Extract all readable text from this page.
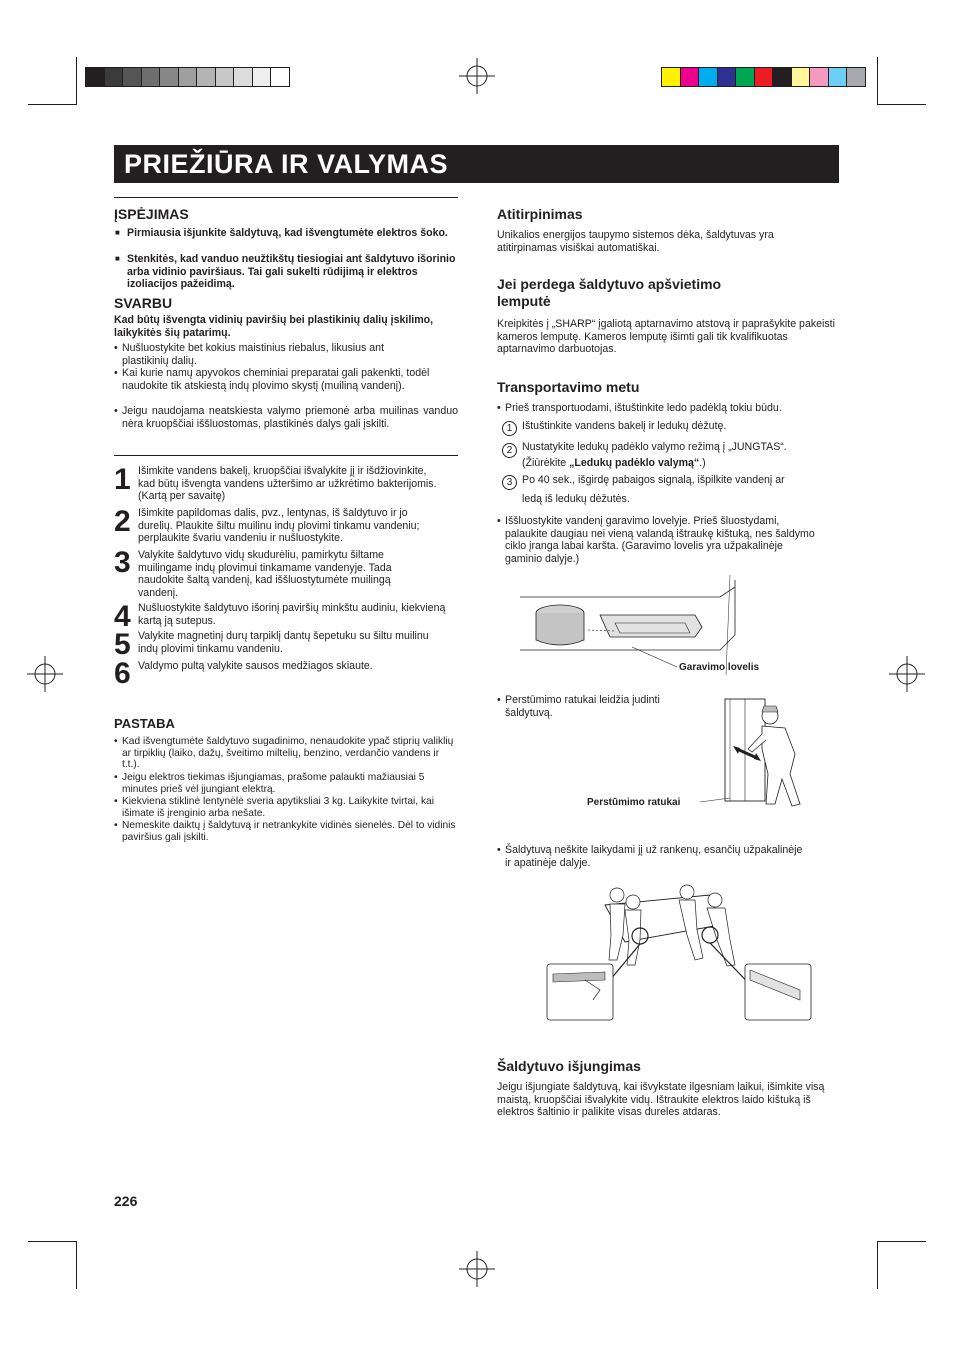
PRIEŽIŪRA IR VALYMAS
ĮSPĖJIMAS
■ Pirmiausia išjunkite šaldytuvą, kad išvengtumėte elektros šoko.
■ Stenkitės, kad vanduo neužtikštų tiesiogiai ant šaldytuvo išorinio arba vidinio paviršiaus. Tai gali sukelti rūdijimą ir elektros izoliacijos pažeidimą.
SVARBU
Kad būtų išvengta vidinių paviršių bei plastikinių dalių įskilimo, laikykitės šių patarimų.
• Nušluostykite bet kokius maistinius riebalus, likusius ant plastikinių dalių.
• Kai kurie namų apyvokos cheminiai preparatai gali pakenkti, todėl naudokite tik atskiestą indų plovimo skystį (muiliną vandenį).
• Jeigu naudojama neatskiesta valymo priemonė arba muilinas vanduo nėra kruopščiai iššluostomas, plastikinės dalys gali įskilti.
1 Išimkite vandens bakelį, kruopščiai išvalykite jį ir išdžiovinkite, kad būtų išvengta vandens užteršimo ar užkrėtimo bakterijomis. (Kartą per savaitę)
2 Išimkite papildomas dalis, pvz., lentynas, iš šaldytuvo ir jo durelių. Plaukite šiltu muilinu indų plovimi tinkamu vandeniu; perplaukite švariu vandeniu ir nušluostykite.
3 Valykite šaldytuvo vidų skudurėliu, pamirkytu šiltame muilingame indų plovimui tinkamame vandenyje. Tada naudokite šaltą vandenį, kad iššluostytumėte muilingą vandenį.
4 Nušluostykite šaldytuvo išorinį paviršių minkštu audiniu, kiekvieną kartą ją sutepus.
5 Valykite magnetinį durų tarpiklį dantų šepetuku su šiltu muilinu indų plovimi tinkamu vandeniu.
6 Valdymo pultą valykite sausos medžiagos skiaute.
PASTABA
• Kad išvengtumėte šaldytuvo sugadinimo, nenaudokite ypač stiprių valiklių ar tirpiklių (laiko, dažų, šveitimo miltelių, benzino, verdančio vandens ir t.t.).
• Jeigu elektros tiekimas išjungiamas, prašome palaukti mažiausiai 5 minutes prieš vėl įjungiant elektrą.
• Kiekviena stiklinė lentynėlė sveria apytiksliai 3 kg. Laikykite tvirtai, kai išimate iš įrenginio arba nešate.
• Nemeskite daiktų į šaldytuvą ir netrankykite vidinės sienelės. Dėl to vidinis paviršius gali įskilti.
Atitirpinimas
Unikalios energijos taupymo sistemos dėka, šaldytuvas yra atitirpinamas visiškai automatiškai.
Jei perdega šaldytuvo apšvietimo
lemputė
Kreipkitės į „SHARP“ įgaliotą aptarnavimo atstovą ir paprašykite pakeisti kameros lemputę. Kameros lemputę išimti gali tik kvalifikuotas aptarnavimo darbuotojas.
Transportavimo metu
• Prieš transportuodami, ištuštinkite ledo padėklą tokiu būdu.
1 Ištuštinkite vandens bakelį ir ledukų dėžutę.
2 Nustatykite ledukų padėklo valymo režimą į „JUNGTAS“.
(Žiūrėkite „Ledukų padėklo valymą“.)
3 Po 40 sek., išgirdę pabaigos signalą, išpilkite vandenį ar
ledą iš ledukų dėžutės.
• Iššluostykite vandenį garavimo lovelyje. Prieš šluostydami, palaukite daugiau nei vieną valandą ištraukę kištuką, nes šaldymo ciklo įranga labai karšta. (Garavimo lovelis yra užpakalinėje gaminio dalyje.)
Garavimo lovelis
• Perstūmimo ratukai leidžia judinti šaldytuvą.
Perstūmimo ratukai
• Šaldytuvą neškite laikydami jį už rankenų, esančių užpakalinėje ir apatinėje dalyje.
Šaldytuvo išjungimas
Jeigu išjungiate šaldytuvą, kai išvykstate ilgesniam laikui, išimkite visą maistą, kruopščiai išvalykite vidų. Ištraukite elektros laido kištuką iš elektros šaltinio ir palikite visas dureles atdaras.
226
